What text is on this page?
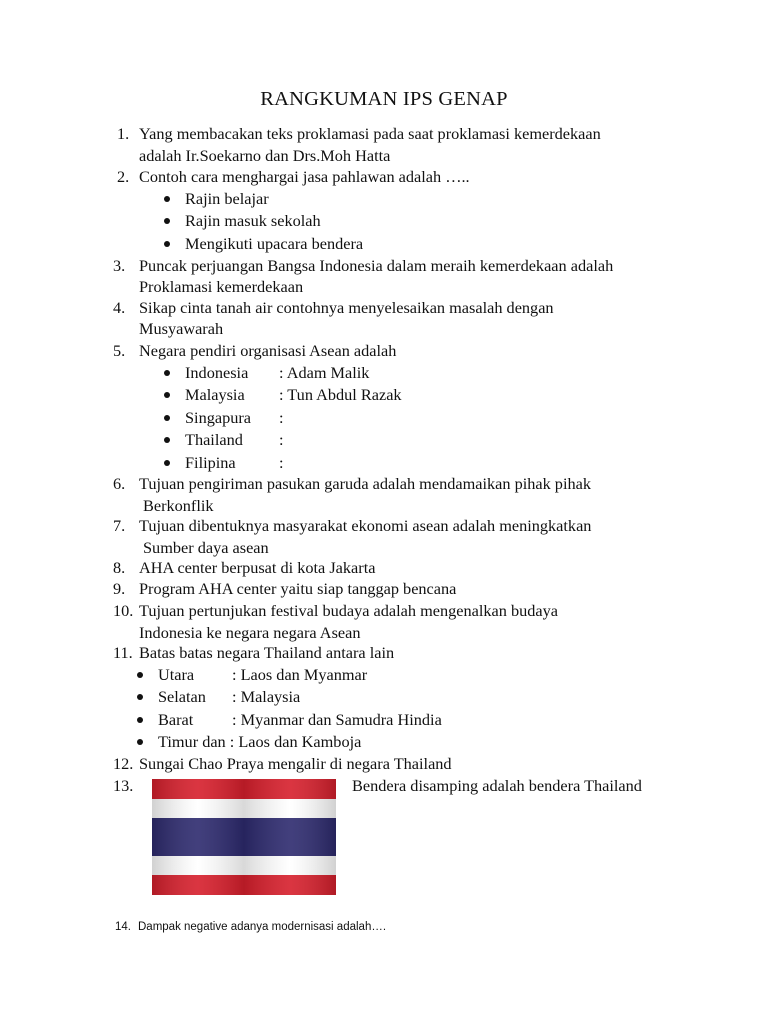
RANGKUMAN IPS GENAP
1. Yang membacakan teks proklamasi pada saat proklamasi kemerdekaan
adalah Ir.Soekarno dan Drs.Moh Hatta
2. Contoh cara menghargai jasa pahlawan adalah …..
Rajin belajar
Rajin masuk sekolah
Mengikuti upacara bendera
3. Puncak perjuangan Bangsa Indonesia dalam meraih kemerdekaan adalah
Proklamasi kemerdekaan
4. Sikap cinta tanah air contohnya menyelesaikan masalah dengan
Musyawarah
5. Negara pendiri organisasi Asean adalah
Indonesia : Adam Malik
Malaysia : Tun Abdul Razak
Singapura :
Thailand :
Filipina	:
6. Tujuan pengiriman pasukan garuda adalah mendamaikan pihak pihak
Berkonflik
7. Tujuan dibentuknya masyarakat ekonomi asean adalah meningkatkan
Sumber daya asean
8. AHA center berpusat di kota Jakarta
9. Program AHA center yaitu siap tanggap bencana
10. Tujuan pertunjukan festival budaya adalah mengenalkan budaya
Indonesia ke negara negara Asean
11. Batas batas negara Thailand antara lain
Utara : Laos dan Myanmar
Selatan : Malaysia
Barat : Myanmar dan Samudra Hindia
Timur dan : Laos dan Kamboja
12. Sungai Chao Praya mengalir di negara Thailand
13.	Bendera disamping adalah bendera Thailand
14. Dampak negative adanya modernisasi adalah….
